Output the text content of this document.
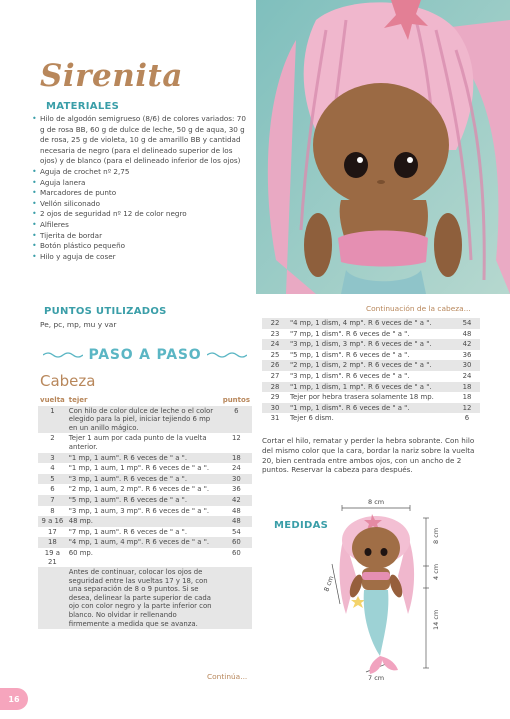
Sirenita
MATERIALES
• Hilo de algodón semigrueso (8/6) de colores variados: 70 g de rosa BB, 60 g de dulce de leche, 50 g de aqua, 30 g de rosa, 25 g de violeta, 10 g de amarillo BB y cantidad necesaria de negro (para el delineado superior de los ojos) y de blanco (para el delineado inferior de los ojos)
• Aguja de crochet nº 2,75
• Aguja lanera
• Marcadores de punto
• Vellón siliconado
• 2 ojos de seguridad nº 12 de color negro
• Alfileres
• Tijerita de bordar
• Botón plástico pequeño
• Hilo y aguja de coser
PUNTOS UTILIZADOS
Pe, pc, mp, mu y var
PASO A PASO
Cabeza
vuelta	tejer	puntos
1	Con hilo de color dulce de leche o el color elegido para la piel, iniciar tejiendo 6 mp en un anillo mágico.	6
2	Tejer 1 aum por cada punto de la vuelta anterior.	12
3	"1 mp, 1 aum". R 6 veces de " a ".	18
4	"1 mp, 1 aum, 1 mp". R 6 veces de " a ".	24
5	"3 mp, 1 aum". R 6 veces de " a ".	30
6	"2 mp, 1 aum, 2 mp". R 6 veces de " a ".	36
7	"5 mp, 1 aum". R 6 veces de " a ".	42
8	"3 mp, 1 aum, 3 mp". R 6 veces de " a ".	48
9 a 16	48 mp.	48
17	"7 mp, 1 aum". R 6 veces de " a ".	54
18	"4 mp, 1 aum, 4 mp". R 6 veces de " a ".	60
19 a 21	60 mp.	60
	Antes de continuar, colocar los ojos de seguridad entre las vueltas 17 y 18, con una separación de 8 o 9 puntos. Si se desea, delinear la parte superior de cada ojo con color negro y la parte inferior con blanco. No olvidar ir rellenando firmemente a medida que se avanza.	
Continúa...
Continuación de la cabeza...
22	"4 mp, 1 dism, 4 mp". R 6 veces de " a ".	54
23	"7 mp, 1 dism". R 6 veces de " a ".	48
24	"3 mp, 1 dism, 3 mp". R 6 veces de " a ".	42
25	"5 mp, 1 dism". R 6 veces de " a ".	36
26	"2 mp, 1 dism, 2 mp". R 6 veces de " a ".	30
27	"3 mp, 1 dism". R 6 veces de " a ".	24
28	"1 mp, 1 dism, 1 mp". R 6 veces de " a ".	18
29	Tejer por hebra trasera solamente 18 mp.	18
30	"1 mp, 1 dism". R 6 veces de " a ".	12
31	Tejer 6 dism.	6

Cortar el hilo, rematar y perder la hebra sobrante. Con hilo del mismo color que la cara, bordar la nariz sobre la vuelta 20, bien centrada entre ambos ojos, con un ancho de 2 puntos. Reservar la cabeza para después.

MEDIDAS
8 cm
8 cm
4 cm
14 cm
8 cm
7 cm
16
